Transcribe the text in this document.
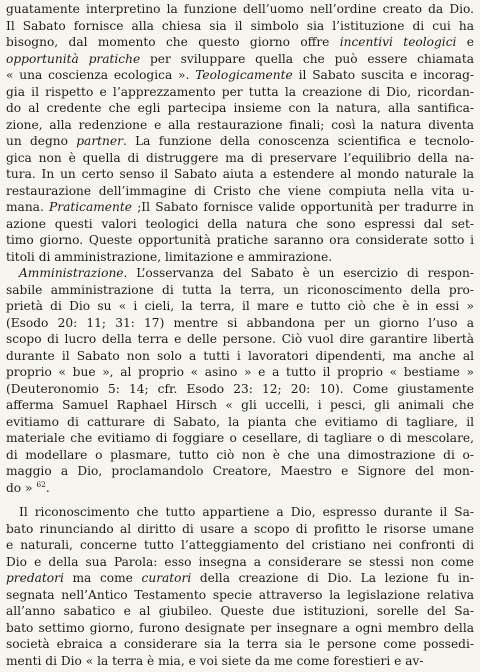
guatamente interpretino la funzione dell’uomo nell’ordine creato da Dio.
Il Sabato fornisce alla chiesa sia il simbolo sia l’istituzione di cui ha
bisogno, dal momento che questo giorno offre incentivi teologici e
opportunità pratiche per sviluppare quella che può essere chiamata
« una coscienza ecologica ». Teologicamente il Sabato suscita e incorag-
gia il rispetto e l’apprezzamento per tutta la creazione di Dio, ricordan-
do al credente che egli partecipa insieme con la natura, alla santifica-
zione, alla redenzione e alla restaurazione finali; così la natura diventa
un degno partner. La funzione della conoscenza scientifica e tecnolo-
gica non è quella di distruggere ma di preservare l’equilibrio della na-
tura. In un certo senso il Sabato aiuta a estendere al mondo naturale la
restaurazione dell’immagine di Cristo che viene compiuta nella vita u-
mana. Praticamente ;Il Sabato fornisce valide opportunità per tradurre in
azione questi valori teologici della natura che sono espressi dal set-
timo giorno. Queste opportunità pratiche saranno ora considerate sotto i
titoli di amministrazione, limitazione e ammirazione.
Amministrazione. L’osservanza del Sabato è un esercizio di respon-
sabile amministrazione di tutta la terra, un riconoscimento della pro-
prietà di Dio su « i cieli, la terra, il mare e tutto ciò che è in essi »
(Esodo 20: 11; 31: 17) mentre si abbandona per un giorno l’uso a
scopo di lucro della terra e delle persone. Ciò vuol dire garantire libertà
durante il Sabato non solo a tutti i lavoratori dipendenti, ma anche al
proprio « bue », al proprio « asino » e a tutto il proprio « bestiame »
(Deuteronomio 5: 14; cfr. Esodo 23: 12; 20: 10). Come giustamente
afferma Samuel Raphael Hirsch « gli uccelli, i pesci, gli animali che
evitiamo di catturare di Sabato, la pianta che evitiamo di tagliare, il
materiale che evitiamo di foggiare o cesellare, di tagliare o di mescolare,
di modellare o plasmare, tutto ciò non è che una dimostrazione di o-
maggio a Dio, proclamandolo Creatore, Maestro e Signore del mon-
do » $^{62}$.
Il riconoscimento che tutto appartiene a Dio, espresso durante il Sa-
bato rinunciando al diritto di usare a scopo di profitto le risorse umane
e naturali, concerne tutto l’atteggiamento del cristiano nei confronti di
Dio e della sua Parola: esso insegna a considerare se stessi non come
predatori ma come curatori della creazione di Dio. La lezione fu in-
segnata nell’Antico Testamento specie attraverso la legislazione relativa
all’anno sabatico e al giubileo. Queste due istituzioni, sorelle del Sa-
bato settimo giorno, furono designate per insegnare a ogni membro della
società ebraica a considerare sia la terra sia le persone come possedi-
menti di Dio « la terra è mia, e voi siete da me come forestieri e av-
